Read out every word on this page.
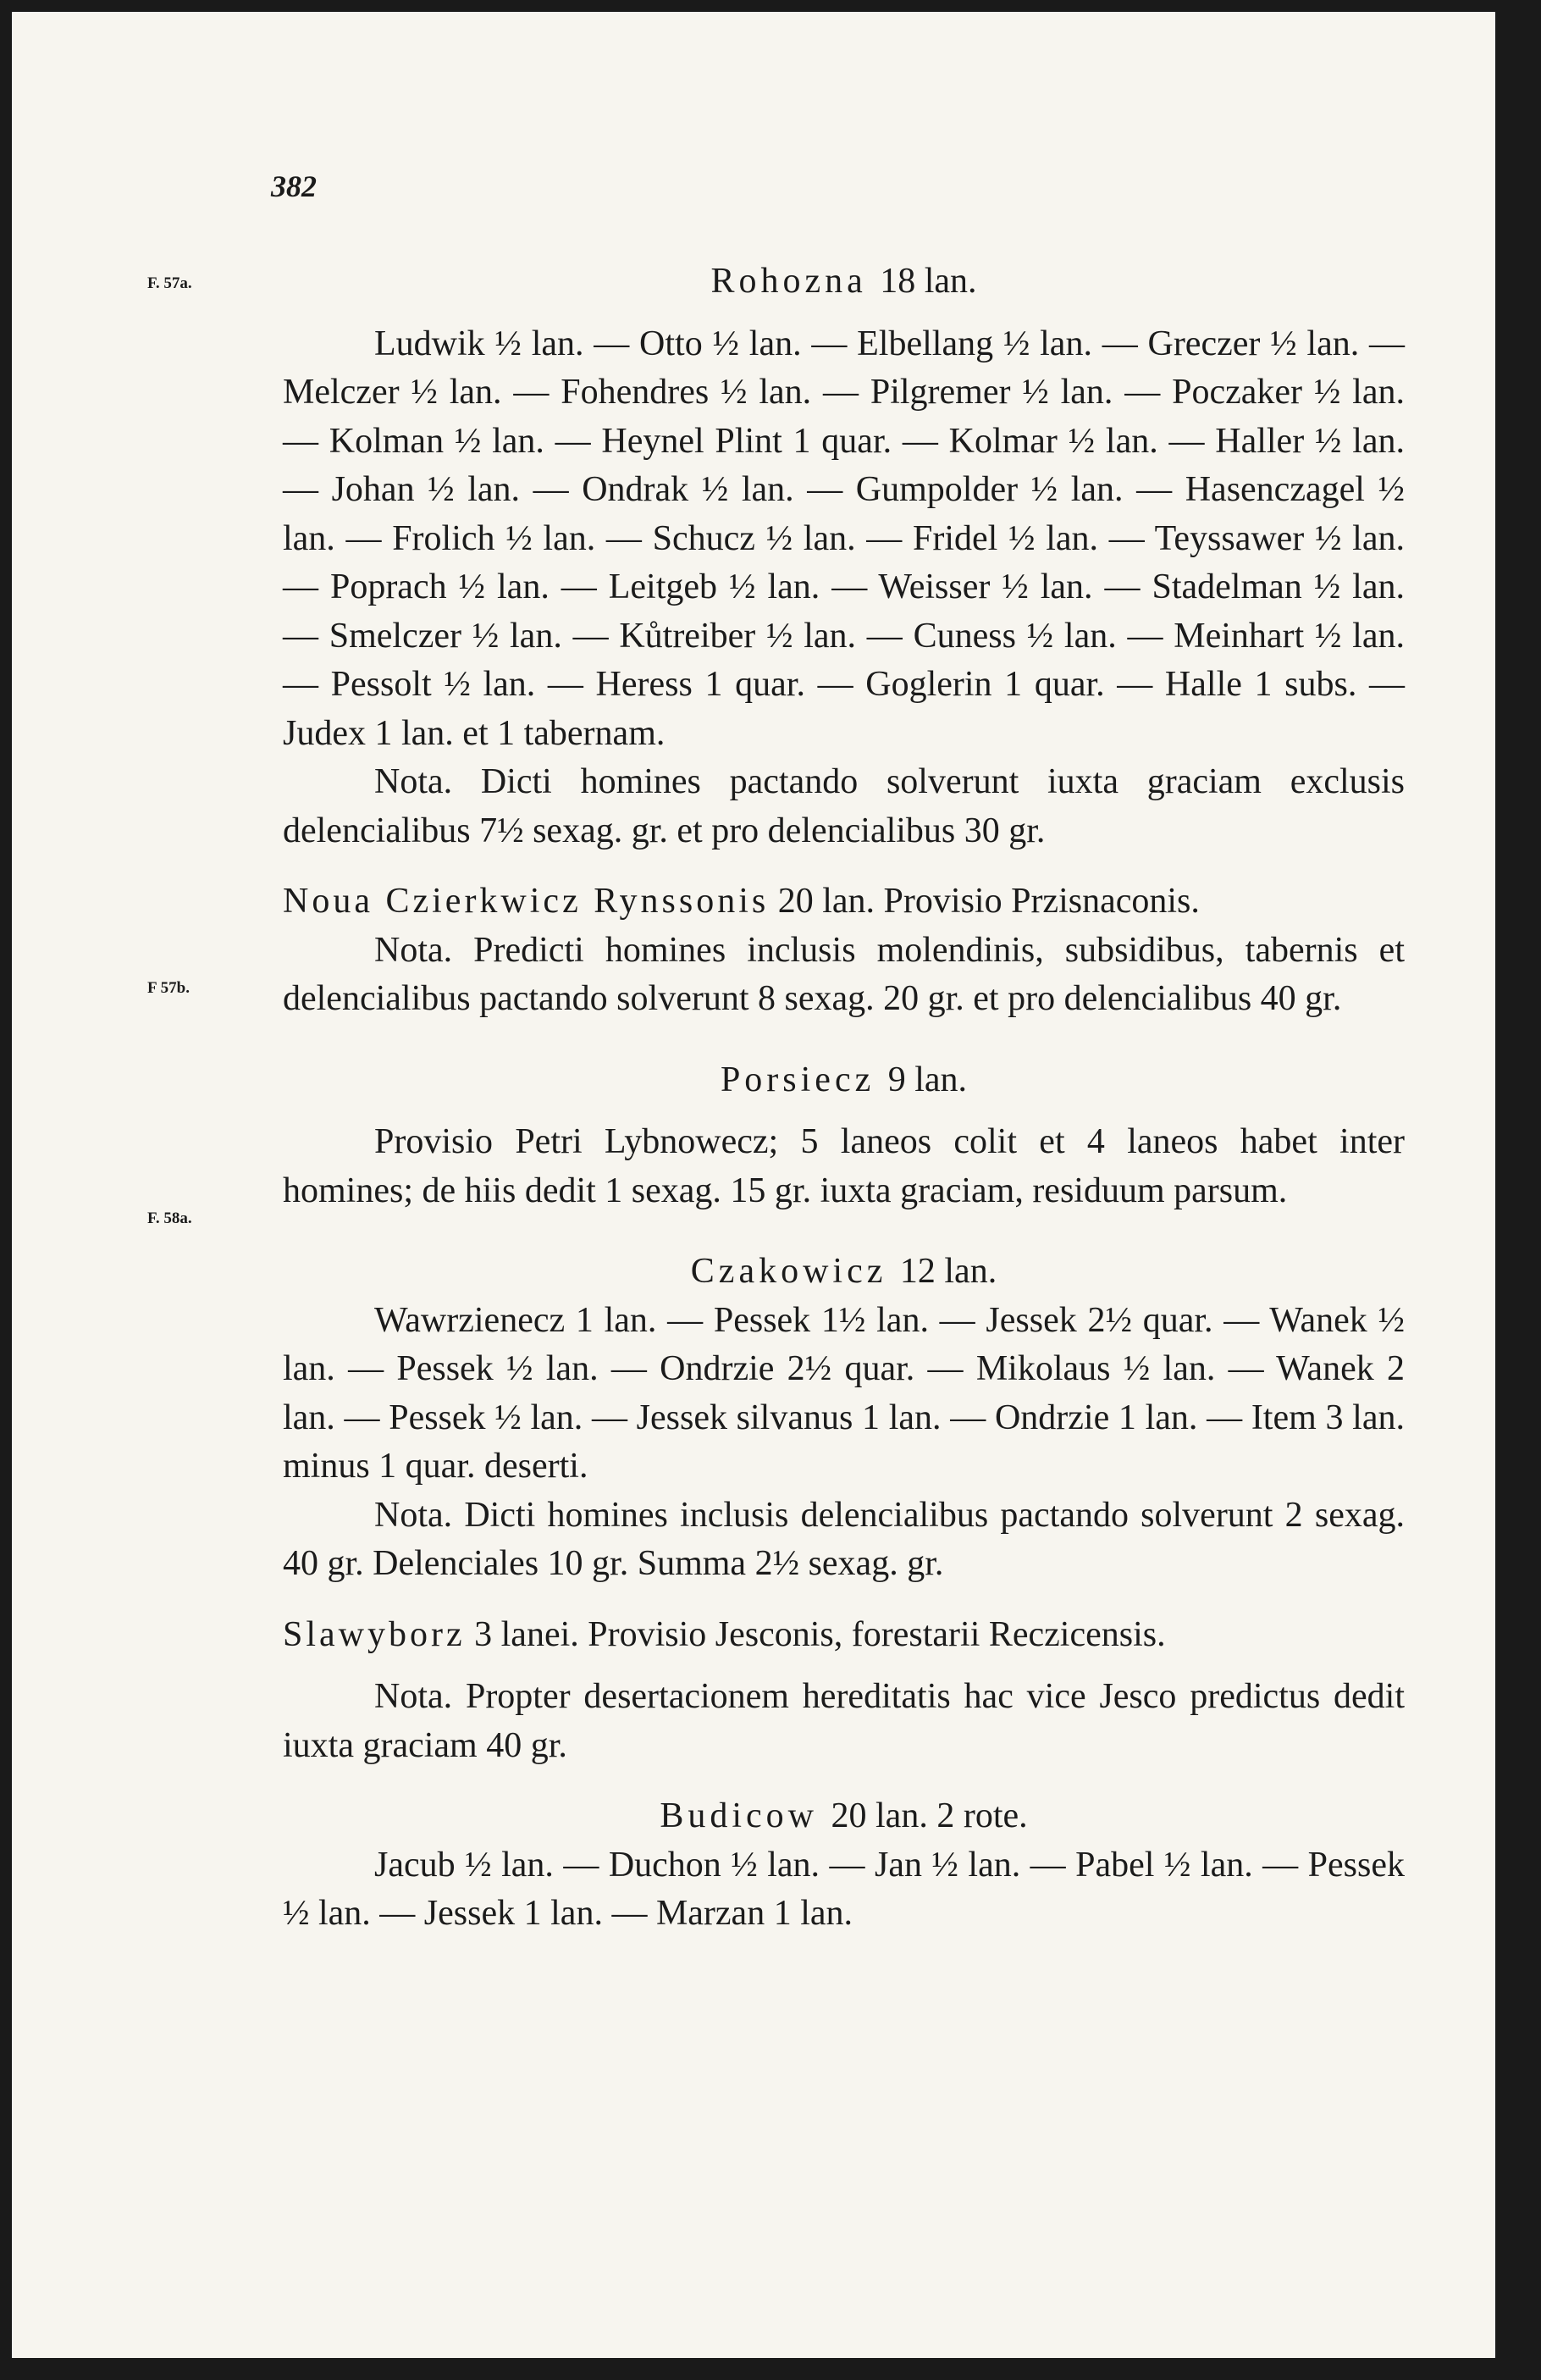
382
F. 57a.
F 57b.
F. 58a.

Rohozna 18 lan.

Ludwik ½ lan. — Otto ½ lan. — Elbellang ½ lan. — Greczer ½ lan. — Melczer ½ lan. — Fohendres ½ lan. — Pilgremer ½ lan. — Poczaker ½ lan. — Kolman ½ lan. — Heynel Plint 1 quar. — Kolmar ½ lan. — Haller ½ lan. — Johan ½ lan. — Ondrak ½ lan. — Gumpolder ½ lan. — Hasenczagel ½ lan. — Frolich ½ lan. — Schucz ½ lan. — Fridel ½ lan. — Teyssawer ½ lan. — Poprach ½ lan. — Leitgeb ½ lan. — Weisser ½ lan. — Stadelman ½ lan. — Smelczer ½ lan. — Kůtreiber ½ lan. — Cuness ½ lan. — Meinhart ½ lan. — Pessolt ½ lan. — Heress 1 quar. — Goglerin 1 quar. — Halle 1 subs. — Judex 1 lan. et 1 tabernam.

Nota. Dicti homines pactando solverunt iuxta graciam exclusis delencialibus 7½ sexag. gr. et pro delencialibus 30 gr.

Noua Czierkwicz Rynssonis 20 lan. Provisio Przisnaconis.

Nota. Predicti homines inclusis molendinis, subsidibus, tabernis et delencialibus pactando solverunt 8 sexag. 20 gr. et pro delencialibus 40 gr.

Porsiecz 9 lan.

Provisio Petri Lybnowecz; 5 laneos colit et 4 laneos habet inter homines; de hiis dedit 1 sexag. 15 gr. iuxta graciam, residuum parsum.

Czakowicz 12 lan.

Wawrzienecz 1 lan. — Pessek 1½ lan. — Jessek 2½ quar. — Wanek ½ lan. — Pessek ½ lan. — Ondrzie 2½ quar. — Mikolaus ½ lan. — Wanek 2 lan. — Pessek ½ lan. — Jessek silvanus 1 lan. — Ondrzie 1 lan. — Item 3 lan. minus 1 quar. deserti.

Nota. Dicti homines inclusis delencialibus pactando solverunt 2 sexag. 40 gr. Delenciales 10 gr. Summa 2½ sexag. gr.

Slawyborz 3 lanei. Provisio Jesconis, forestarii Reczicensis.

Nota. Propter desertacionem hereditatis hac vice Jesco predictus dedit iuxta graciam 40 gr.

Budicow 20 lan. 2 rote.

Jacub ½ lan. — Duchon ½ lan. — Jan ½ lan. — Pabel ½ lan. — Pessek ½ lan. — Jessek 1 lan. — Marzan 1 lan.
